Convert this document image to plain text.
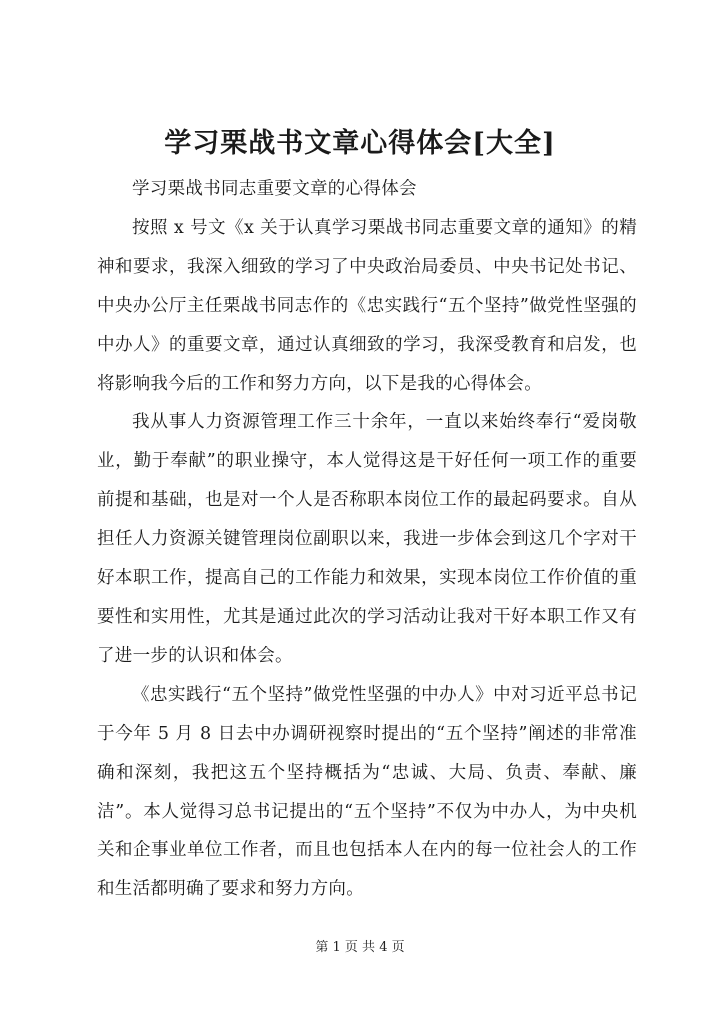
学习栗战书文章心得体会[大全]

学习栗战书同志重要文章的心得体会

按照 x 号文《x 关于认真学习栗战书同志重要文章的通知》的精神和要求，我深入细致的学习了中央政治局委员、中央书记处书记、中央办公厅主任栗战书同志作的《忠实践行“五个坚持”做党性坚强的中办人》的重要文章，通过认真细致的学习，我深受教育和启发，也将影响我今后的工作和努力方向，以下是我的心得体会。

我从事人力资源管理工作三十余年，一直以来始终奉行“爱岗敬业，勤于奉献”的职业操守，本人觉得这是干好任何一项工作的重要前提和基础，也是对一个人是否称职本岗位工作的最起码要求。自从担任人力资源关键管理岗位副职以来，我进一步体会到这几个字对干好本职工作，提高自己的工作能力和效果，实现本岗位工作价值的重要性和实用性，尤其是通过此次的学习活动让我对干好本职工作又有了进一步的认识和体会。

《忠实践行“五个坚持”做党性坚强的中办人》中对习近平总书记于今年 5 月 8 日去中办调研视察时提出的“五个坚持”阐述的非常准确和深刻，我把这五个坚持概括为“忠诚、大局、负责、奉献、廉洁”。本人觉得习总书记提出的“五个坚持”不仅为中办人，为中央机关和企事业单位工作者，而且也包括本人在内的每一位社会人的工作和生活都明确了要求和努力方向。

第 1 页 共 4 页
